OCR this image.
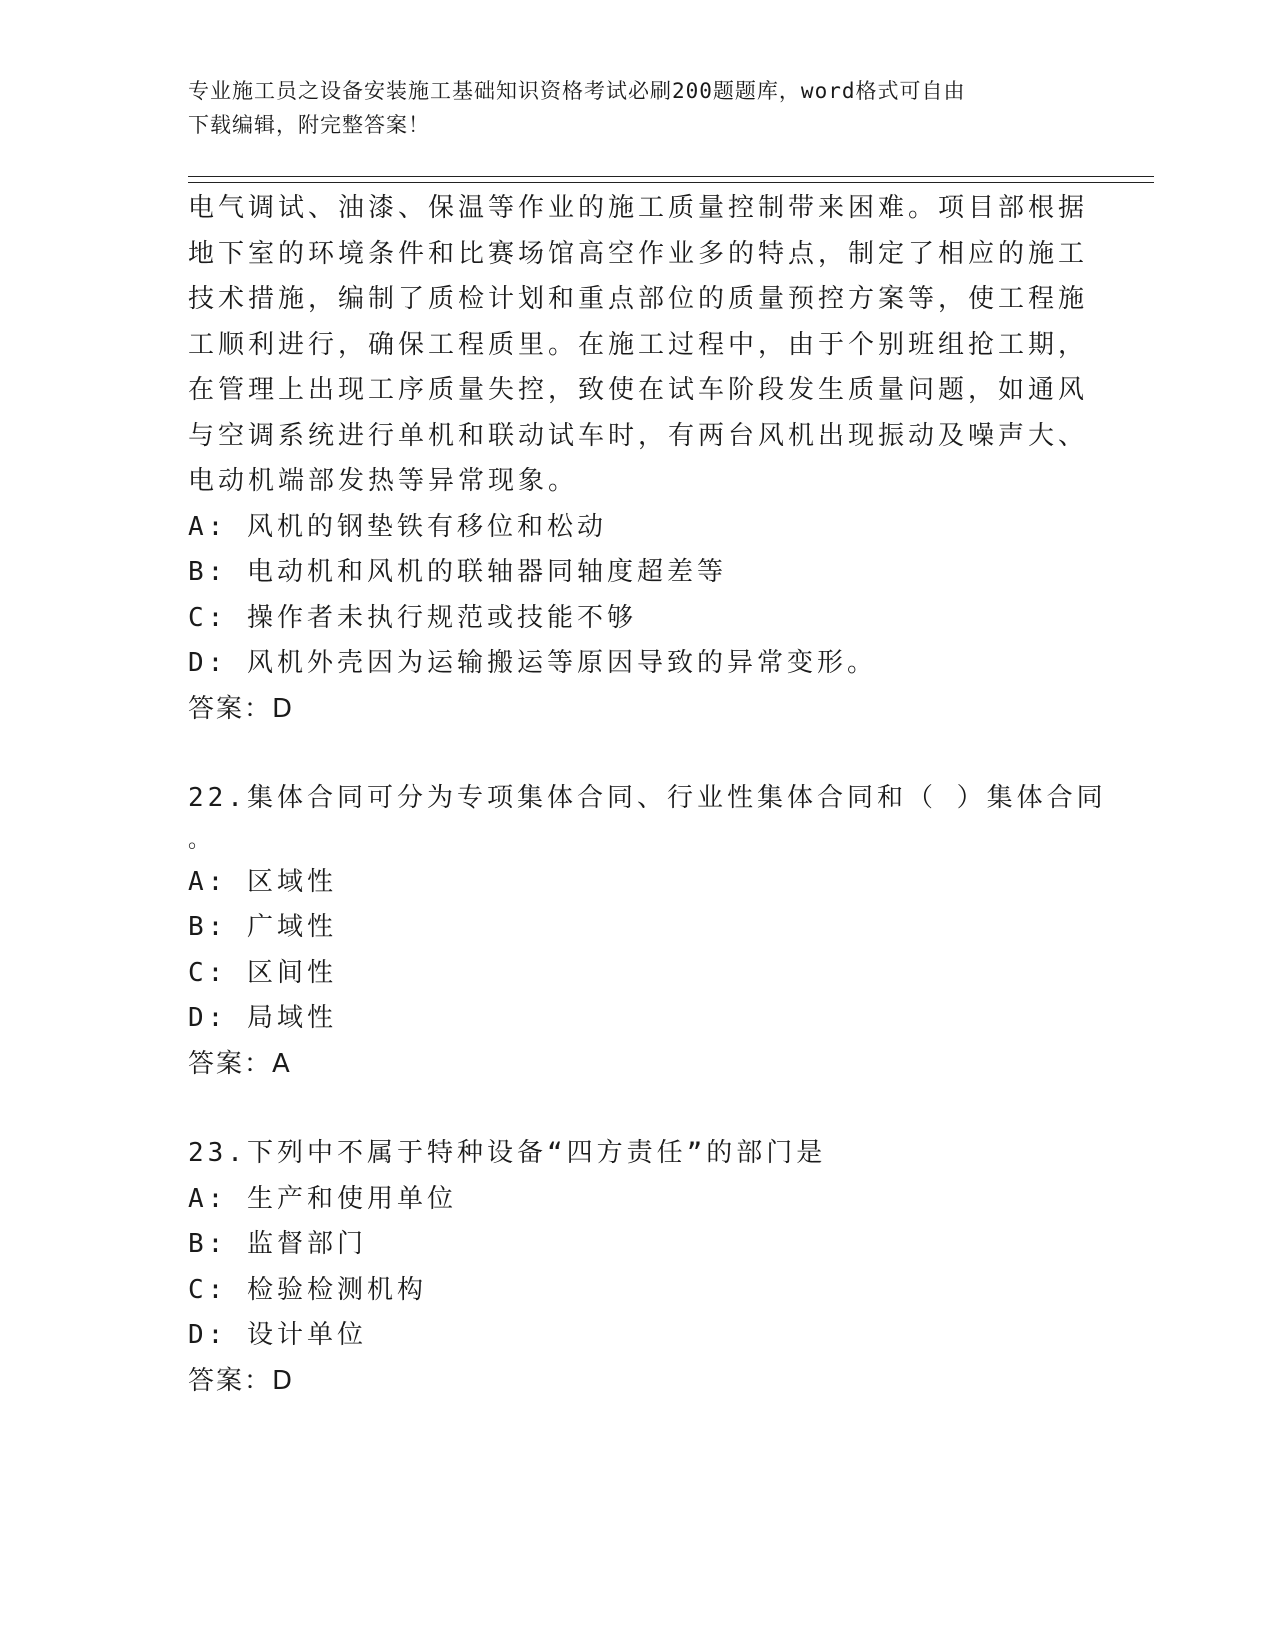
专业施工员之设备安装施工基础知识资格考试必刷200题题库，word格式可自由
下载编辑，附完整答案！
电气调试、油漆、保温等作业的施工质量控制带来困难。项目部根据
地下室的环境条件和比赛场馆高空作业多的特点，制定了相应的施工
技术措施，编制了质检计划和重点部位的质量预控方案等，使工程施
工顺利进行，确保工程质里。在施工过程中，由于个别班组抢工期，
在管理上出现工序质量失控，致使在试车阶段发生质量问题，如通风
与空调系统进行单机和联动试车时，有两台风机出现振动及噪声大、
电动机端部发热等异常现象。
A: 风机的钢垫铁有移位和松动
B: 电动机和风机的联轴器同轴度超差等
C: 操作者未执行规范或技能不够
D: 风机外壳因为运输搬运等原因导致的异常变形。
答案：D
22.集体合同可分为专项集体合同、行业性集体合同和（ ）集体合同
。
A: 区域性
B: 广域性
C: 区间性
D: 局域性
答案：A
23.下列中不属于特种设备“四方责任”的部门是
A: 生产和使用单位
B: 监督部门
C: 检验检测机构
D: 设计单位
答案：D
